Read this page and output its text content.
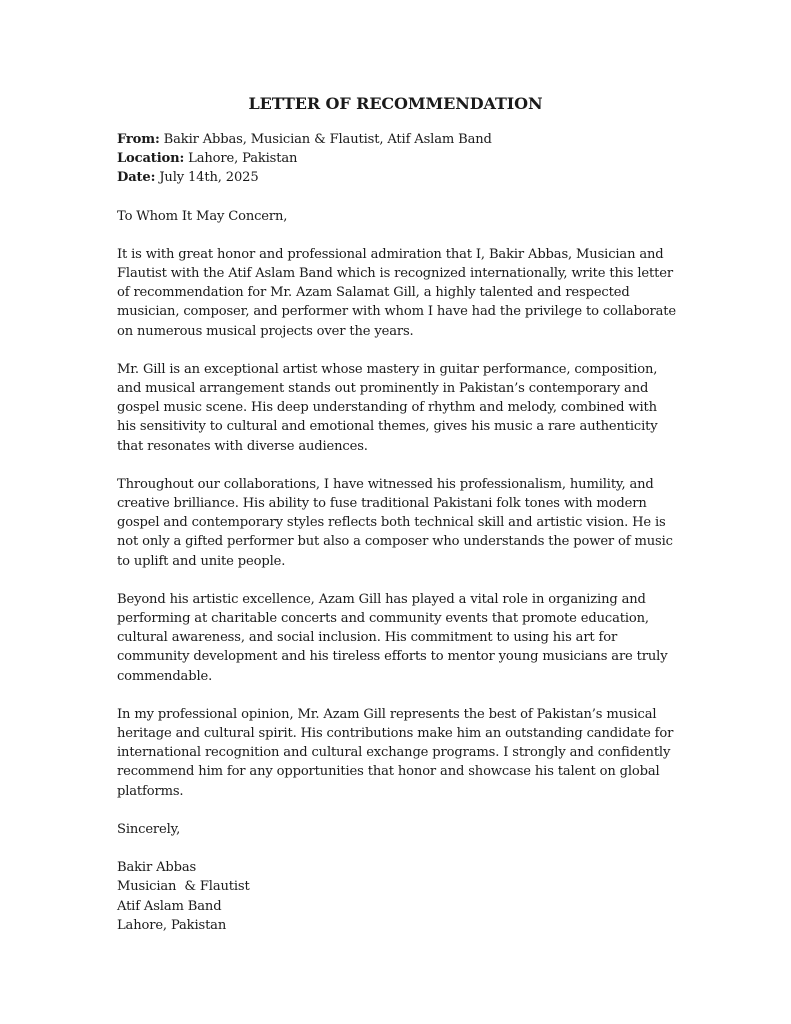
LETTER OF RECOMMENDATION

From: Bakir Abbas, Musician & Flautist, Atif Aslam Band

Location: Lahore, Pakistan

Date: July 14th, 2025

To Whom It May Concern,

It is with great honor and professional admiration that I, Bakir Abbas, Musician and Flautist with the Atif Aslam Band which is recognized internationally, write this letter of recommendation for Mr. Azam Salamat Gill, a highly talented and respected musician, composer, and performer with whom I have had the privilege to collaborate on numerous musical projects over the years.

Mr. Gill is an exceptional artist whose mastery in guitar performance, composition, and musical arrangement stands out prominently in Pakistan’s contemporary and gospel music scene. His deep understanding of rhythm and melody, combined with his sensitivity to cultural and emotional themes, gives his music a rare authenticity that resonates with diverse audiences.

Throughout our collaborations, I have witnessed his professionalism, humility, and creative brilliance. His ability to fuse traditional Pakistani folk tones with modern gospel and contemporary styles reflects both technical skill and artistic vision. He is not only a gifted performer but also a composer who understands the power of music to uplift and unite people.

Beyond his artistic excellence, Azam Gill has played a vital role in organizing and performing at charitable concerts and community events that promote education, cultural awareness, and social inclusion. His commitment to using his art for community development and his tireless efforts to mentor young musicians are truly commendable.

In my professional opinion, Mr. Azam Gill represents the best of Pakistan’s musical heritage and cultural spirit. His contributions make him an outstanding candidate for international recognition and cultural exchange programs. I strongly and confidently recommend him for any opportunities that honor and showcase his talent on global platforms.

Sincerely,

Bakir Abbas

Musician  & Flautist

Atif Aslam Band

Lahore, Pakistan
